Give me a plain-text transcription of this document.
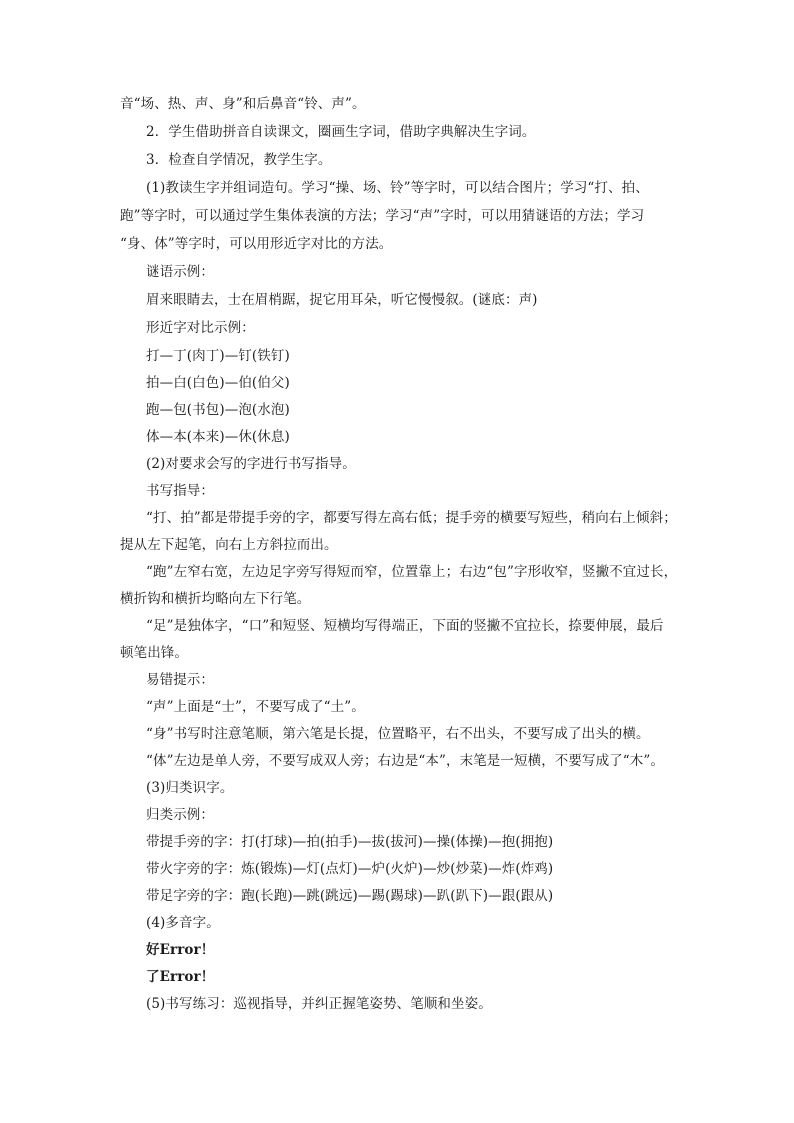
音“场、热、声、身”和后鼻音“铃、声”。
2．学生借助拼音自读课文，圈画生字词，借助字典解决生字词。
3．检查自学情况，教学生字。
(1)教读生字并组词造句。学习“操、场、铃”等字时，可以结合图片；学习“打、拍、
跑”等字时，可以通过学生集体表演的方法；学习“声”字时，可以用猜谜语的方法；学习
“身、体”等字时，可以用形近字对比的方法。
谜语示例：
眉来眼睛去，士在眉梢踞，捉它用耳朵，听它慢慢叙。(谜底：声)
形近字对比示例：
打—丁(肉丁)—钉(铁钉)
拍—白(白色)—伯(伯父)
跑—包(书包)—泡(水泡)
体—本(本来)—休(休息)
(2)对要求会写的字进行书写指导。
书写指导：
“打、拍”都是带提手旁的字，都要写得左高右低；提手旁的横要写短些，稍向右上倾斜；
提从左下起笔，向右上方斜拉而出。
“跑”左窄右宽，左边足字旁写得短而窄，位置靠上；右边“包”字形收窄，竖撇不宜过长，
横折钩和横折均略向左下行笔。
“足”是独体字，“口”和短竖、短横均写得端正，下面的竖撇不宜拉长，捺要伸展，最后
顿笔出锋。
易错提示：
“声”上面是“士”，不要写成了“土”。
“身”书写时注意笔顺，第六笔是长提，位置略平，右不出头，不要写成了出头的横。
“体”左边是单人旁，不要写成双人旁；右边是“本”，末笔是一短横，不要写成了“木”。
(3)归类识字。
归类示例：
带提手旁的字：打(打球)—拍(拍手)—拔(拔河)—操(体操)—抱(拥抱)
带火字旁的字：炼(锻炼)—灯(点灯)—炉(火炉)—炒(炒菜)—炸(炸鸡)
带足字旁的字：跑(长跑)—跳(跳远)—踢(踢球)—趴(趴下)—跟(跟从)
(4)多音字。
好Error！
了Error！
(5)书写练习：巡视指导，并纠正握笔姿势、笔顺和坐姿。
